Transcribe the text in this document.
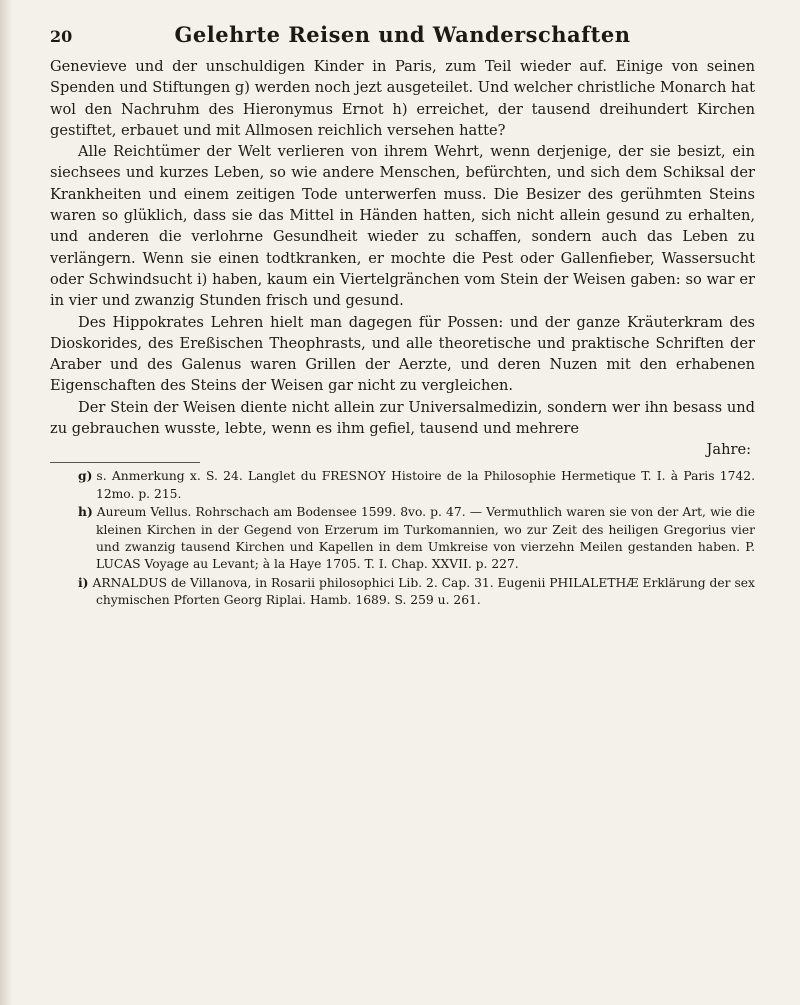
20	Gelehrte Reisen und Wanderschaften

Genevieve und der unschuldigen Kinder in Paris, zum Teil wieder auf. Einige von seinen Spenden und Stiftungen g) werden noch jezt ausgeteilet. Und welcher christliche Monarch hat wol den Nachruhm des Hieronymus Ernot h) erreichet, der tausend dreihundert Kirchen gestiftet, erbauet und mit Allmosen reichlich versehen hatte?

Alle Reichtümer der Welt verlieren von ihrem Wehrt, wenn derjenige, der sie besizt, ein siechsees und kurzes Leben, so wie andere Menschen, befürchten, und sich dem Schiksal der Krankheiten und einem zeitigen Tode unterwerfen muss. Die Besizer des gerühmten Steins waren so glüklich, dass sie das Mittel in Händen hatten, sich nicht allein gesund zu erhalten, und anderen die verlohrne Gesundheit wieder zu schaffen, sondern auch das Leben zu verlängern. Wenn sie einen todtkranken, er mochte die Pest oder Gallenfieber, Wassersucht oder Schwindsucht i) haben, kaum ein Viertelgränchen vom Stein der Weisen gaben: so war er in vier und zwanzig Stunden frisch und gesund.

Des Hippokrates Lehren hielt man dagegen für Possen: und der ganze Kräuterkram des Dioskorides, des Ereßischen Theophrasts, und alle theoretische und praktische Schriften der Araber und des Galenus waren Grillen der Aerzte, und deren Nuzen mit den erhabenen Eigenschaften des Steins der Weisen gar nicht zu vergleichen.

Der Stein der Weisen diente nicht allein zur Universalmedizin, sondern wer ihn besass und zu gebrauchen wusste, lebte, wenn es ihm gefiel, tausend und mehrere

Jahre:

g) s. Anmerkung x. S. 24. Langlet du FRESNOY Histoire de la Philosophie Hermetique T. I. à Paris 1742. 12mo. p. 215.

h) Aureum Vellus. Rohrschach am Bodensee 1599. 8vo. p. 47. — Vermuthlich waren sie von der Art, wie die kleinen Kirchen in der Gegend von Erzerum im Turkomannien, wo zur Zeit des heiligen Gregorius vier und zwanzig tausend Kirchen und Kapellen in dem Umkreise von vierzehn Meilen gestanden haben. P. LUCAS Voyage au Levant; à la Haye 1705. T. I. Chap. XXVII. p. 227.

i) ARNALDUS de Villanova, in Rosarii philosophici Lib. 2. Cap. 31. Eugenii PHILALETHÆ Erklärung der sex chymischen Pforten Georg Riplai. Hamb. 1689. S. 259 u. 261.
